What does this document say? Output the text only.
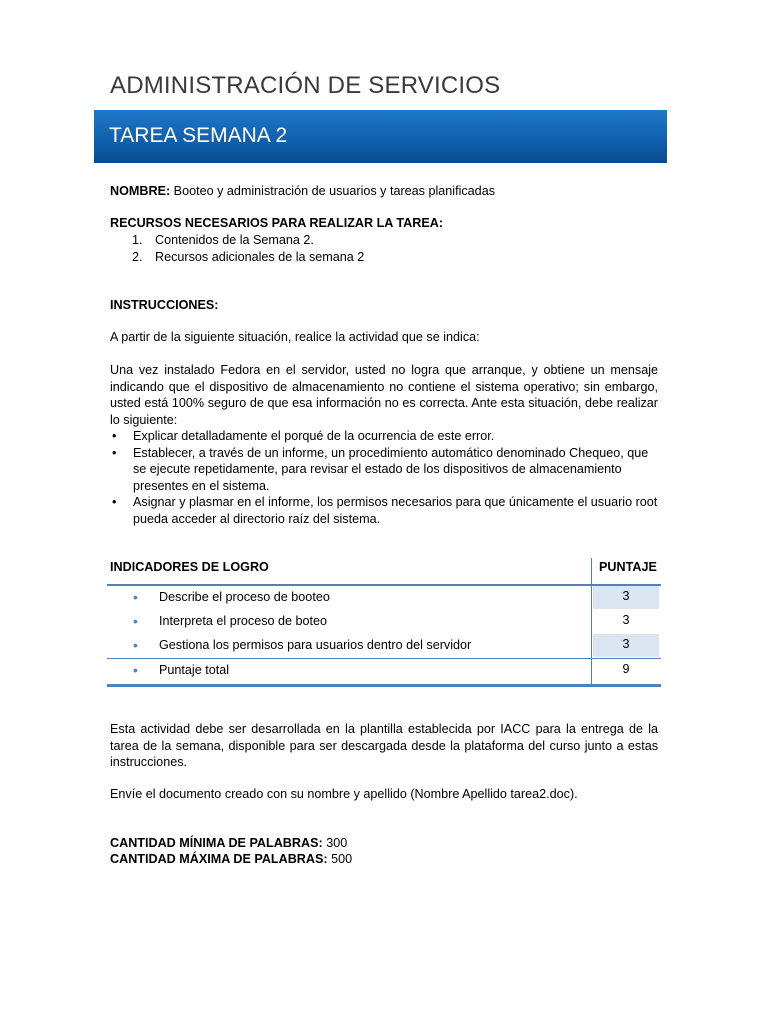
ADMINISTRACIÓN DE SERVICIOS
TAREA SEMANA 2
NOMBRE: Booteo y administración de usuarios y tareas planificadas
RECURSOS NECESARIOS PARA REALIZAR LA TAREA:
1. Contenidos de la Semana 2.
2. Recursos adicionales de la semana 2
INSTRUCCIONES:
A partir de la siguiente situación, realice la actividad que se indica:
Una vez instalado Fedora en el servidor, usted no logra que arranque, y obtiene un mensaje indicando que el dispositivo de almacenamiento no contiene el sistema operativo; sin embargo, usted está 100% seguro de que esa información no es correcta. Ante esta situación, debe realizar lo siguiente:
• Explicar detalladamente el porqué de la ocurrencia de este error.
• Establecer, a través de un informe, un procedimiento automático denominado Chequeo, que se ejecute repetidamente, para revisar el estado de los dispositivos de almacenamiento presentes en el sistema.
• Asignar y plasmar en el informe, los permisos necesarios para que únicamente el usuario root pueda acceder al directorio raíz del sistema.
INDICADORES DE LOGRO	PUNTAJE
• Describe el proceso de booteo	3
• Interpreta el proceso de boteo	3
• Gestiona los permisos para usuarios dentro del servidor	3
• Puntaje total	9
Esta actividad debe ser desarrollada en la plantilla establecida por IACC para la entrega de la tarea de la semana, disponible para ser descargada desde la plataforma del curso junto a estas instrucciones.
Envíe el documento creado con su nombre y apellido (Nombre Apellido tarea2.doc).
CANTIDAD MÍNIMA DE PALABRAS: 300
CANTIDAD MÁXIMA DE PALABRAS: 500
